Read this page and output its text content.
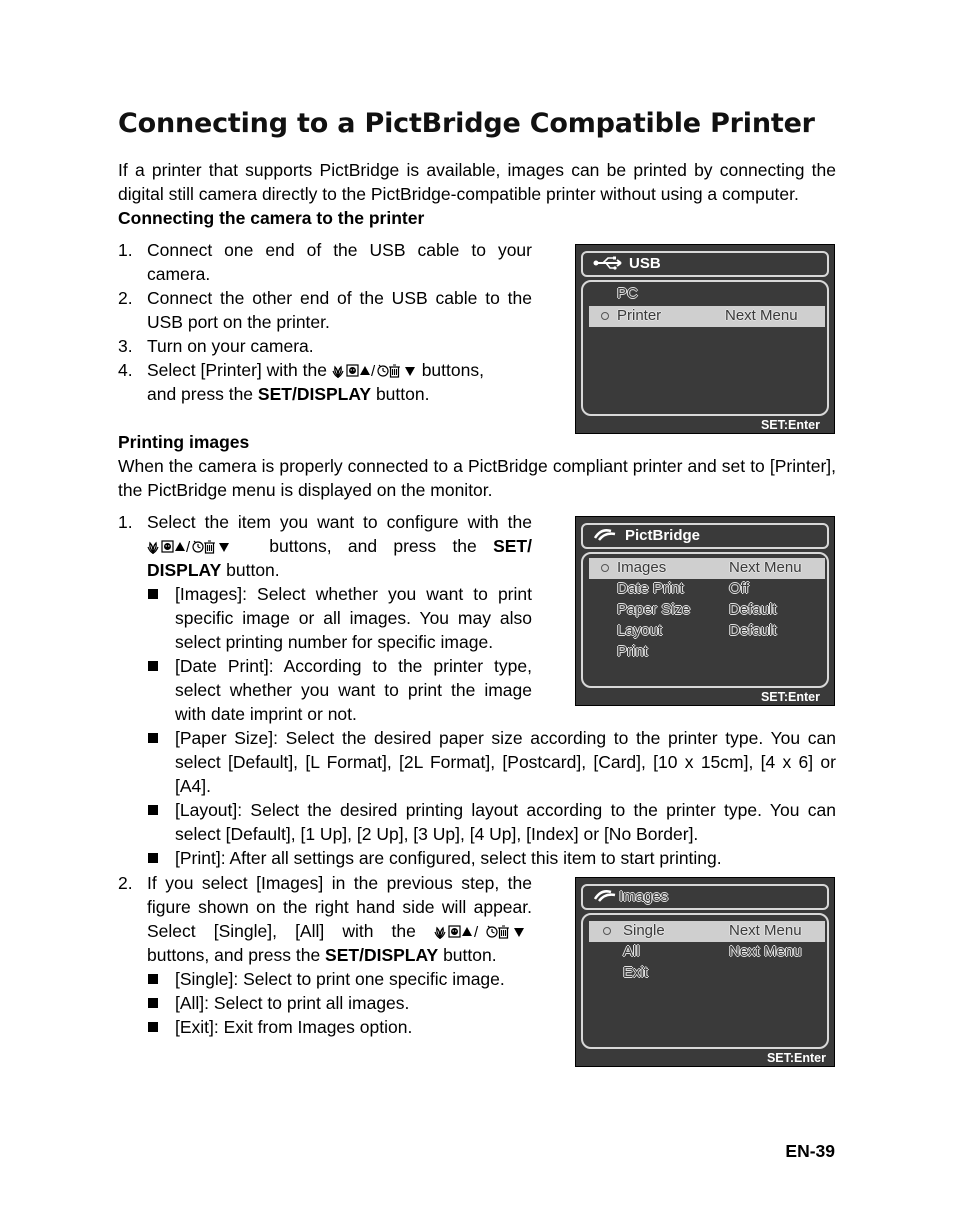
Connecting to a PictBridge Compatible Printer
If a printer that supports PictBridge is available, images can be printed by connecting the digital still camera directly to the PictBridge-compatible printer without using a computer.
Connecting the camera to the printer
1. Connect one end of the USB cable to your camera.
2. Connect the other end of the USB cable to the USB port on the printer.
3. Turn on your camera.
4. Select [Printer] with the	/	buttons,
and press the SET/DISPLAY button.
USB
PC
Printer	Next Menu
SET:Enter
Printing images
When the camera is properly connected to a PictBridge compliant printer and set to [Printer], the PictBridge menu is displayed on the monitor.
1. Select the item you want to configure with the
/	buttons, and press the SET/ DISPLAY button.
[Images]: Select whether you want to print specific image or all images. You may also select printing number for specific image.
[Date Print]: According to the printer type, select whether you want to print the image with date imprint or not.
[Paper Size]: Select the desired paper size according to the printer type. You can select [Default], [L Format], [2L Format], [Postcard], [Card], [10 x 15cm], [4 x 6] or [A4].
[Layout]: Select the desired printing layout according to the printer type. You can select [Default], [1 Up], [2 Up], [3 Up], [4 Up], [Index] or [No Border].
[Print]: After all settings are configured, select this item to start printing.
PictBridge
Images	Next Menu
Date Print	Off
Paper Size	Default
Layout	Default
Print
SET:Enter
2. If you select [Images] in the previous step, the figure shown on the right hand side will appear. Select [Single], [All] with the	/
buttons, and press the SET/DISPLAY button.
[Single]: Select to print one specific image.
[All]: Select to print all images.
[Exit]: Exit from Images option.
Images
Single	Next Menu
All	Next Menu
Exit
SET:Enter
EN-39
